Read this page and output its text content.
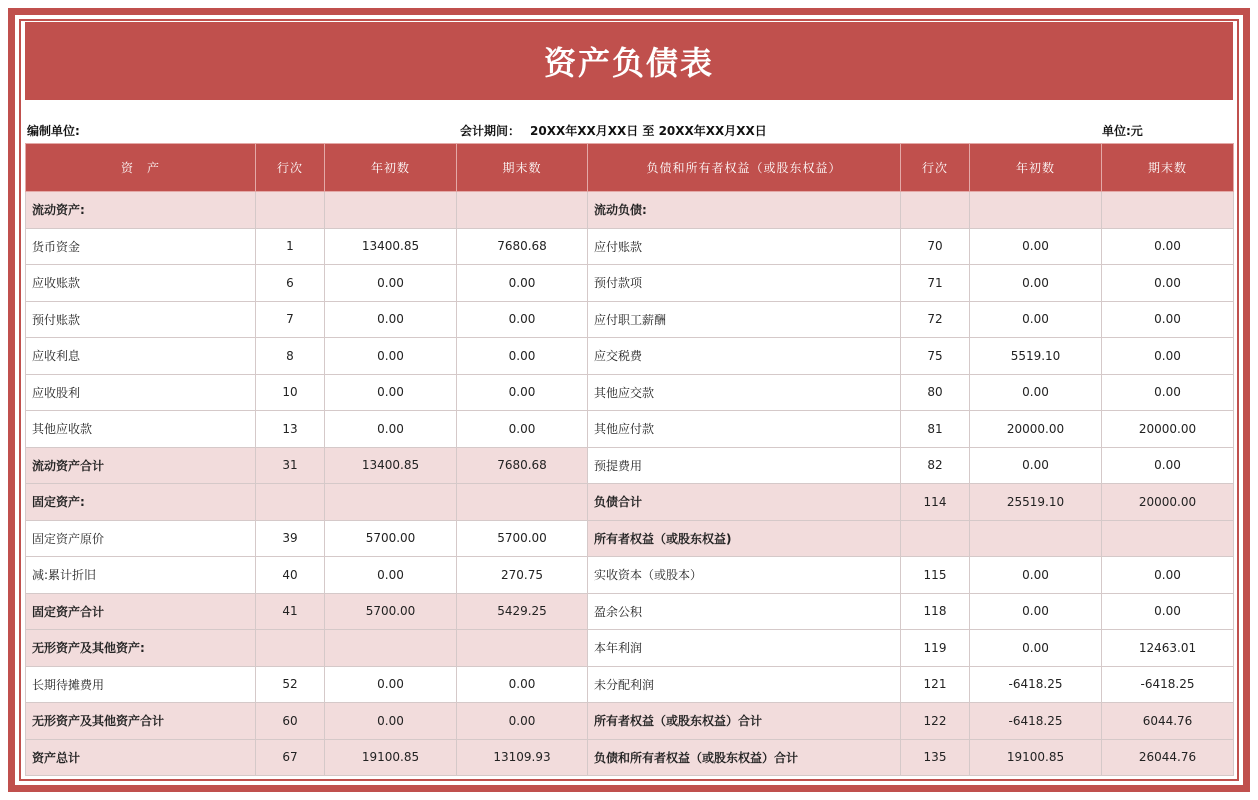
资产负债表
编制单位:	会计期间： 20XX年XX月XX日 至 20XX年XX月XX日	单位:元
资　产	行次	年初数	期末数	负债和所有者权益（或股东权益）	行次	年初数	期末数
流动资产:				流动负债:			
货币资金	1	13400.85	7680.68	应付账款	70	0.00	0.00
应收账款	6	0.00	0.00	预付款项	71	0.00	0.00
预付账款	7	0.00	0.00	应付职工薪酬	72	0.00	0.00
应收利息	8	0.00	0.00	应交税费	75	5519.10	0.00
应收股利	10	0.00	0.00	其他应交款	80	0.00	0.00
其他应收款	13	0.00	0.00	其他应付款	81	20000.00	20000.00
流动资产合计	31	13400.85	7680.68	预提费用	82	0.00	0.00
固定资产:				负债合计	114	25519.10	20000.00
固定资产原价	39	5700.00	5700.00	所有者权益（或股东权益)			
减:累计折旧	40	0.00	270.75	实收资本（或股本）	115	0.00	0.00
固定资产合计	41	5700.00	5429.25	盈余公积	118	0.00	0.00
无形资产及其他资产:				本年利润	119	0.00	12463.01
长期待摊费用	52	0.00	0.00	未分配利润	121	-6418.25	-6418.25
无形资产及其他资产合计	60	0.00	0.00	所有者权益（或股东权益）合计	122	-6418.25	6044.76
资产总计	67	19100.85	13109.93	负债和所有者权益（或股东权益）合计	135	19100.85	26044.76
